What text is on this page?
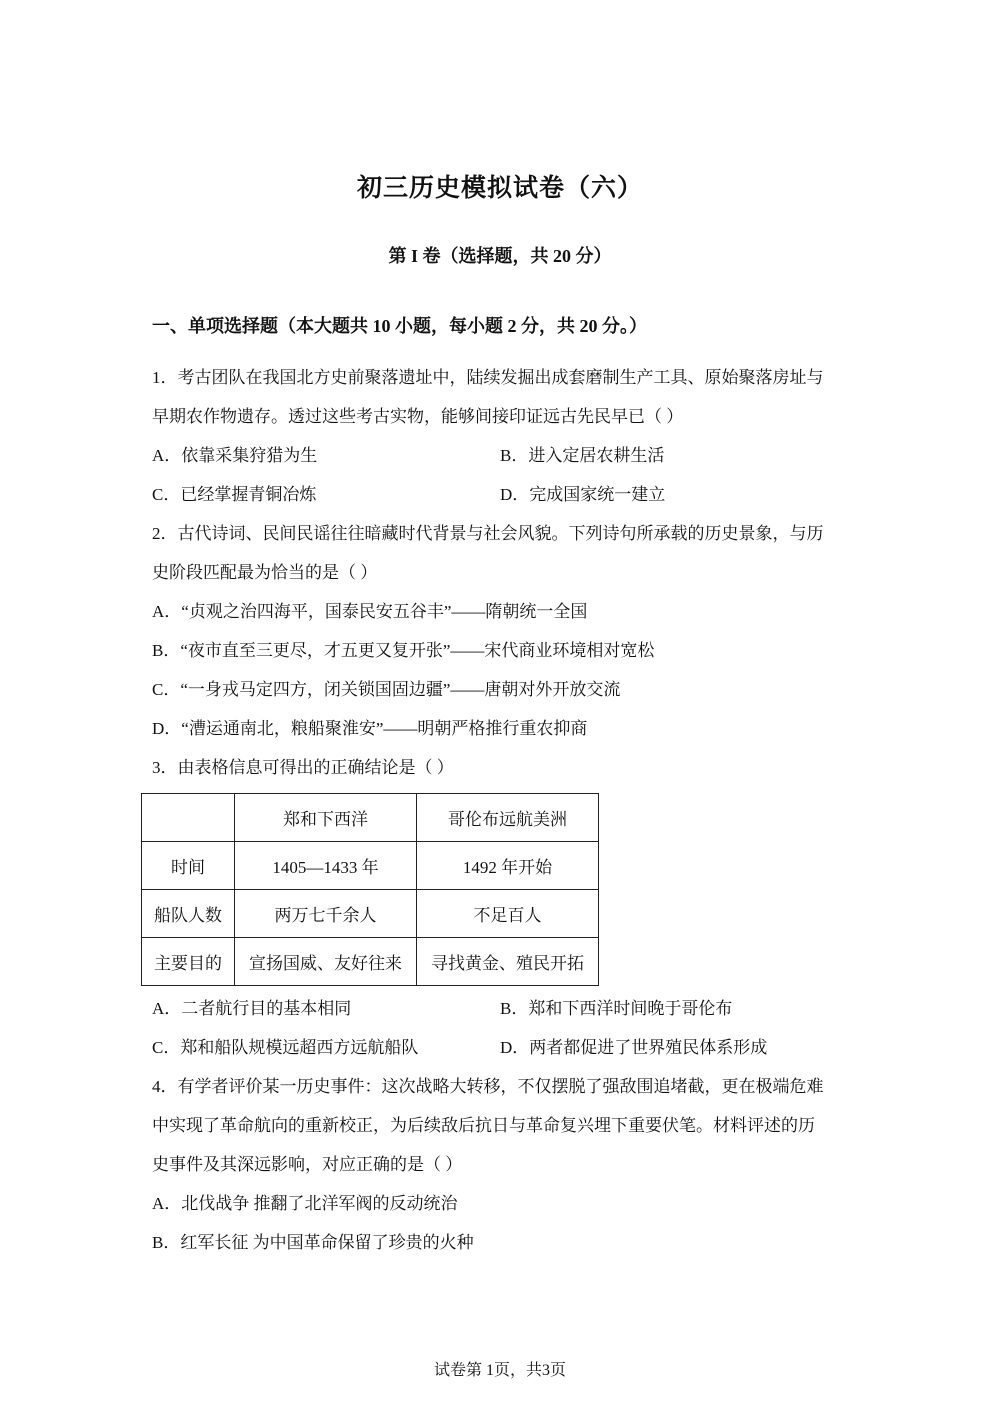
初三历史模拟试卷（六）
第 I 卷（选择题，共 20 分）
一、单项选择题（本大题共 10 小题，每小题 2 分，共 20 分。）
1．考古团队在我国北方史前聚落遗址中，陆续发掘出成套磨制生产工具、原始聚落房址与
早期农作物遗存。透过这些考古实物，能够间接印证远古先民早已（ ）
A．依靠采集狩猎为生	B．进入定居农耕生活
C．已经掌握青铜冶炼	D．完成国家统一建立
2．古代诗词、民间民谣往往暗藏时代背景与社会风貌。下列诗句所承载的历史景象，与历
史阶段匹配最为恰当的是（ ）
A．“贞观之治四海平，国泰民安五谷丰”——隋朝统一全国
B．“夜市直至三更尽，才五更又复开张”——宋代商业环境相对宽松
C．“一身戎马定四方，闭关锁国固边疆”——唐朝对外开放交流
D．“漕运通南北，粮船聚淮安”——明朝严格推行重农抑商
3．由表格信息可得出的正确结论是（ ）
	郑和下西洋	哥伦布远航美洲
时间	1405—1433 年	1492 年开始
船队人数	两万七千余人	不足百人
主要目的	宣扬国威、友好往来	寻找黄金、殖民开拓
A．二者航行目的基本相同	B．郑和下西洋时间晚于哥伦布
C．郑和船队规模远超西方远航船队	D．两者都促进了世界殖民体系形成
4．有学者评价某一历史事件：这次战略大转移，不仅摆脱了强敌围追堵截，更在极端危难
中实现了革命航向的重新校正，为后续敌后抗日与革命复兴埋下重要伏笔。材料评述的历
史事件及其深远影响，对应正确的是（ ）
A．北伐战争 推翻了北洋军阀的反动统治
B．红军长征 为中国革命保留了珍贵的火种
试卷第 1页，共3页
